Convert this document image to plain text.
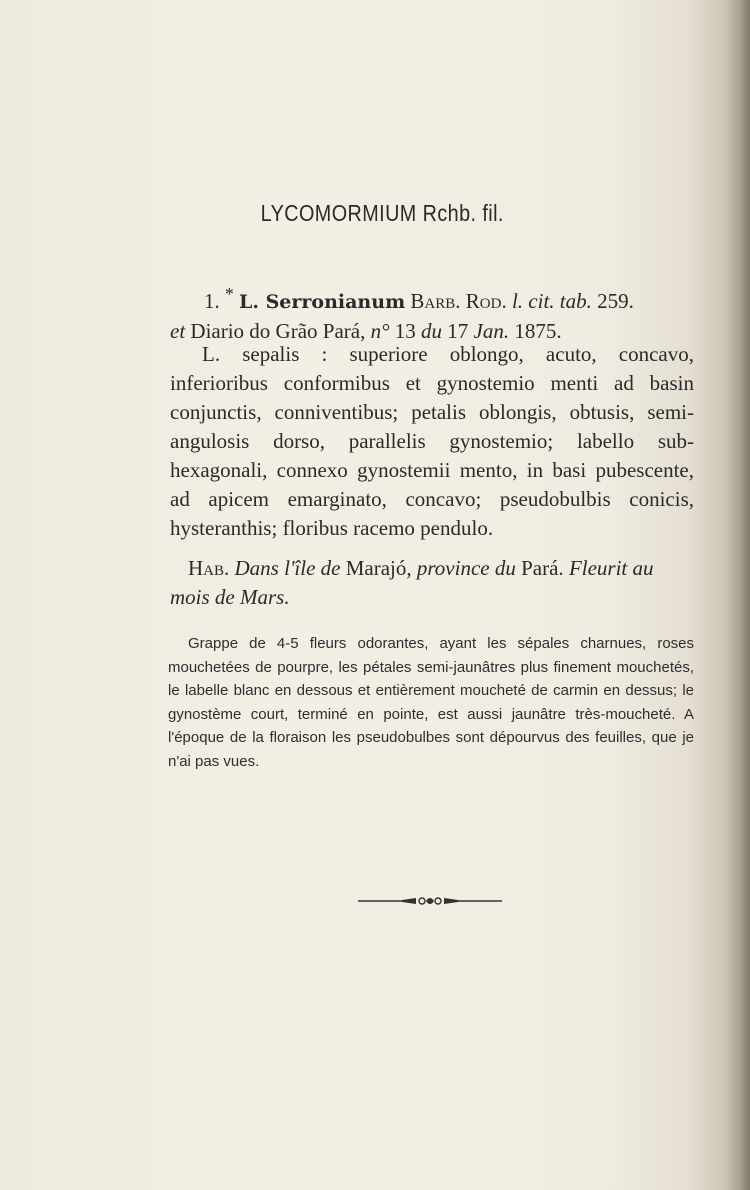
LYCOMORMIUM Rchb. fil.
1. * L. Serronianum Barb. Rod. l. cit. tab. 259.
et Diario do Grão Pará, n° 13 du 17 Jan. 1875.
L. sepalis : superiore oblongo, acuto, concavo, inferioribus conformibus et gynostemio menti ad basin conjunctis, conniventibus; petalis oblongis, obtusis, semi-angulosis dorso, parallelis gynostemio; labello sub-hexagonali, connexo gynostemii mento, in basi pubescente, ad apicem emarginato, concavo; pseudobulbis conicis, hysteranthis; floribus racemo pendulo.
Hab. Dans l'île de Marajó, province du Pará. Fleurit au mois de Mars.
Grappe de 4-5 fleurs odorantes, ayant les sépales charnues, roses mouchetées de pourpre, les pétales semi-jaunâtres plus finement mouchetés, le labelle blanc en dessous et entièrement moucheté de carmin en dessus; le gynostème court, terminé en pointe, est aussi jaunâtre très-moucheté. A l'époque de la floraison les pseudobulbes sont dépourvus des feuilles, que je n'ai pas vues.
